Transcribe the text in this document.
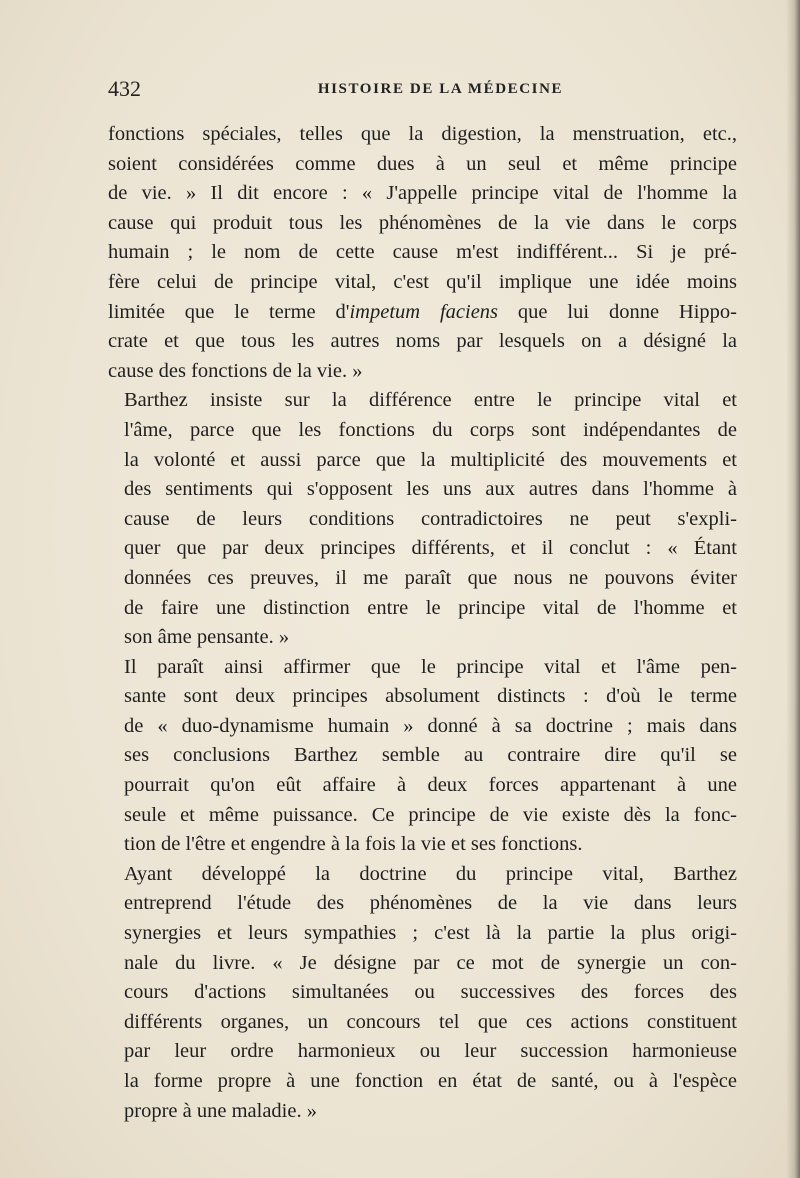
432	HISTOIRE DE LA MÉDECINE

fonctions spéciales, telles que la digestion, la menstruation, etc.,
soient considérées comme dues à un seul et même principe
de vie. » Il dit encore : « J'appelle principe vital de l'homme la
cause qui produit tous les phénomènes de la vie dans le corps
humain ; le nom de cette cause m'est indifférent... Si je pré-
fère celui de principe vital, c'est qu'il implique une idée moins
limitée que le terme d'impetum faciens que lui donne Hippo-
crate et que tous les autres noms par lesquels on a désigné la
cause des fonctions de la vie. »

Barthez insiste sur la différence entre le principe vital et
l'âme, parce que les fonctions du corps sont indépendantes de
la volonté et aussi parce que la multiplicité des mouvements et
des sentiments qui s'opposent les uns aux autres dans l'homme à
cause de leurs conditions contradictoires ne peut s'expli-
quer que par deux principes différents, et il conclut : « Étant
données ces preuves, il me paraît que nous ne pouvons éviter
de faire une distinction entre le principe vital de l'homme et
son âme pensante. »

Il paraît ainsi affirmer que le principe vital et l'âme pen-
sante sont deux principes absolument distincts : d'où le terme
de « duo-dynamisme humain » donné à sa doctrine ; mais dans
ses conclusions Barthez semble au contraire dire qu'il se
pourrait qu'on eût affaire à deux forces appartenant à une
seule et même puissance. Ce principe de vie existe dès la fonc-
tion de l'être et engendre à la fois la vie et ses fonctions.

Ayant développé la doctrine du principe vital, Barthez
entreprend l'étude des phénomènes de la vie dans leurs
synergies et leurs sympathies ; c'est là la partie la plus origi-
nale du livre. « Je désigne par ce mot de synergie un con-
cours d'actions simultanées ou successives des forces des
différents organes, un concours tel que ces actions constituent
par leur ordre harmonieux ou leur succession harmonieuse
la forme propre à une fonction en état de santé, ou à l'espèce
propre à une maladie. »
